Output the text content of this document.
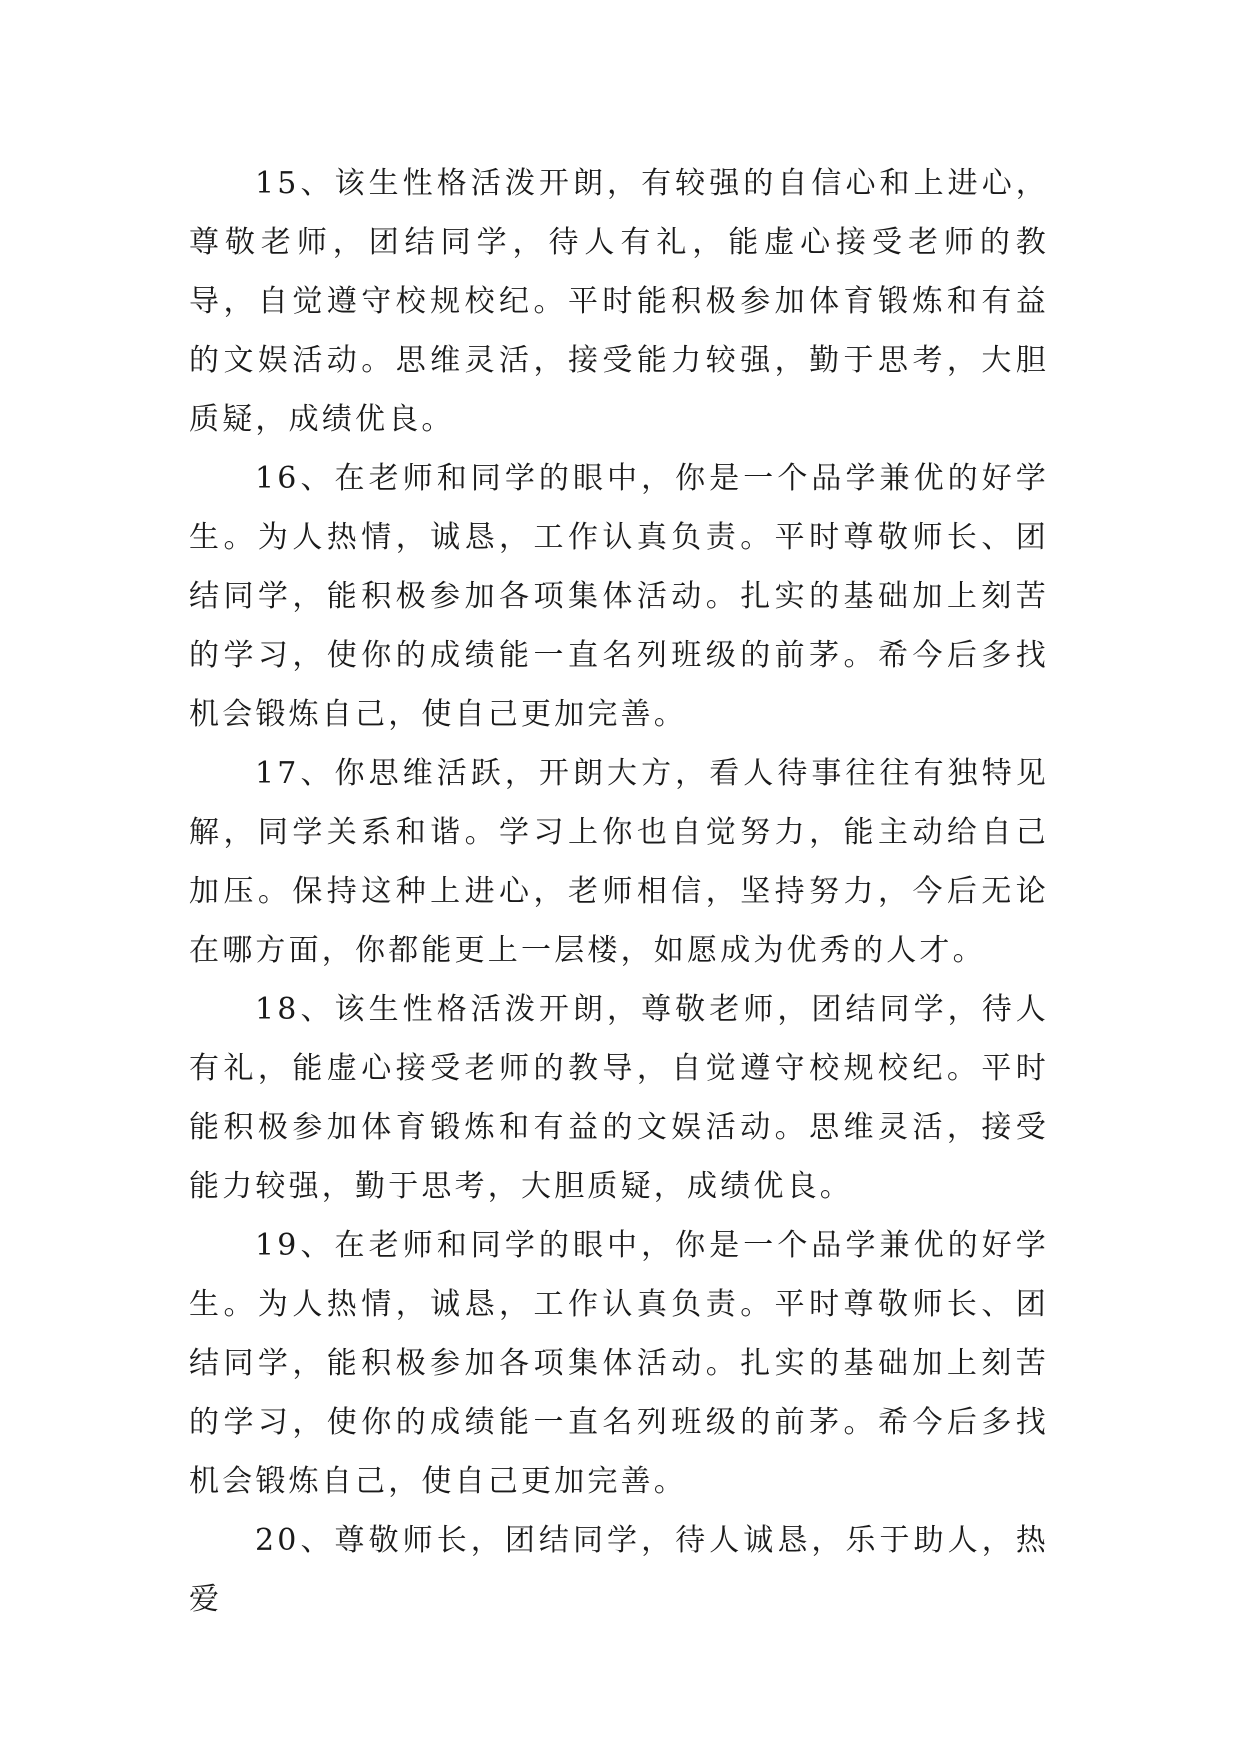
15、该生性格活泼开朗，有较强的自信心和上进心，尊敬老师，团结同学，待人有礼，能虚心接受老师的教导，自觉遵守校规校纪。平时能积极参加体育锻炼和有益的文娱活动。思维灵活，接受能力较强，勤于思考，大胆质疑，成绩优良。

16、在老师和同学的眼中，你是一个品学兼优的好学生。为人热情，诚恳，工作认真负责。平时尊敬师长、团结同学，能积极参加各项集体活动。扎实的基础加上刻苦的学习，使你的成绩能一直名列班级的前茅。希今后多找机会锻炼自己，使自己更加完善。

17、你思维活跃，开朗大方，看人待事往往有独特见解，同学关系和谐。学习上你也自觉努力，能主动给自己加压。保持这种上进心，老师相信，坚持努力，今后无论在哪方面，你都能更上一层楼，如愿成为优秀的人才。

18、该生性格活泼开朗，尊敬老师，团结同学，待人有礼，能虚心接受老师的教导，自觉遵守校规校纪。平时能积极参加体育锻炼和有益的文娱活动。思维灵活，接受能力较强，勤于思考，大胆质疑，成绩优良。

19、在老师和同学的眼中，你是一个品学兼优的好学生。为人热情，诚恳，工作认真负责。平时尊敬师长、团结同学，能积极参加各项集体活动。扎实的基础加上刻苦的学习，使你的成绩能一直名列班级的前茅。希今后多找机会锻炼自己，使自己更加完善。

20、尊敬师长，团结同学，待人诚恳，乐于助人，热爱
